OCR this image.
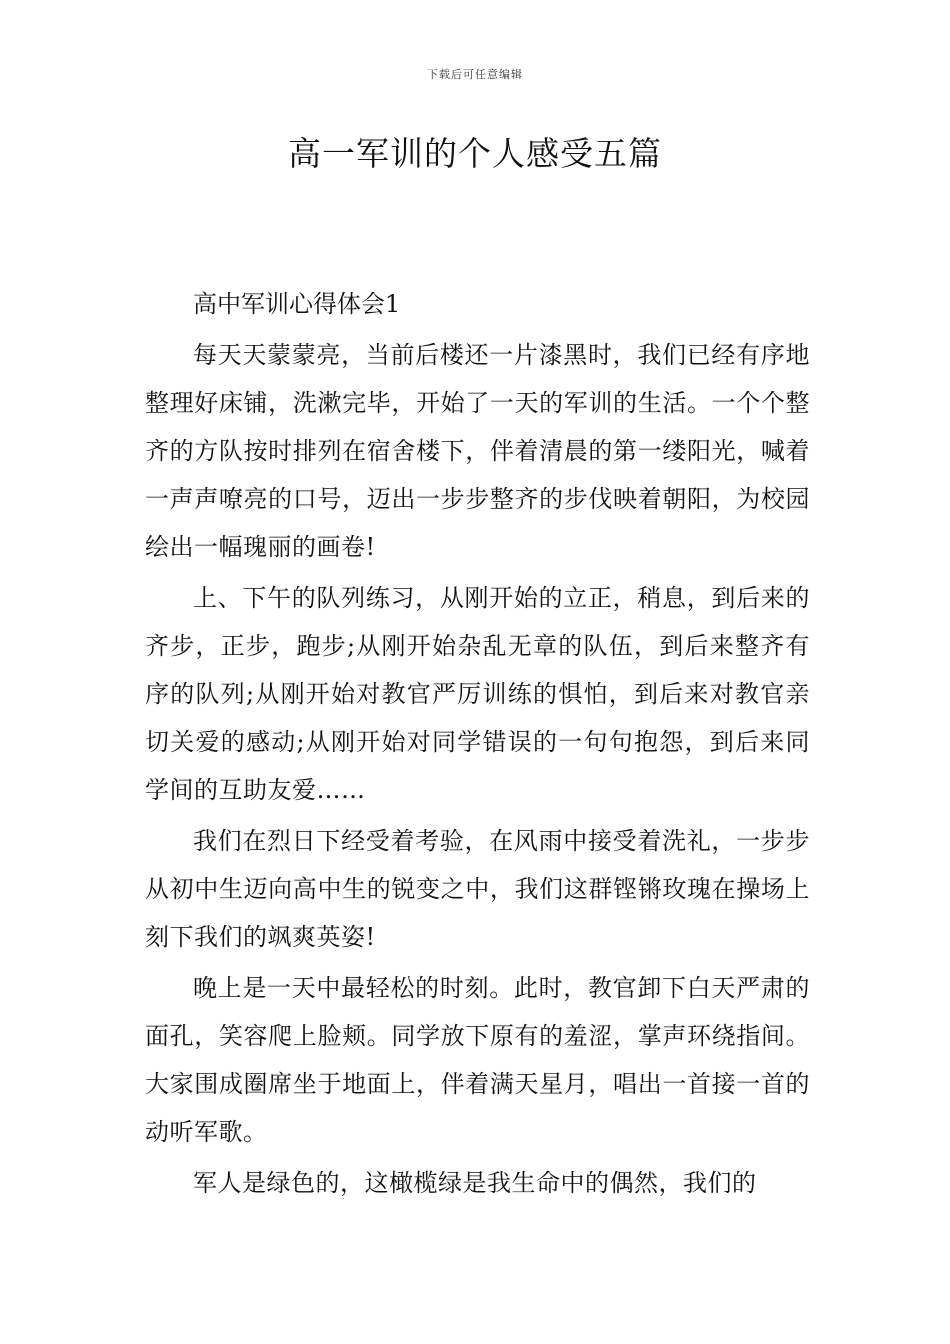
下载后可任意编辑
高一军训的个人感受五篇

高中军训心得体会1

每天天蒙蒙亮，当前后楼还一片漆黑时，我们已经有序地整理好床铺，洗漱完毕，开始了一天的军训的生活。一个个整齐的方队按时排列在宿舍楼下，伴着清晨的第一缕阳光，喊着一声声嘹亮的口号，迈出一步步整齐的步伐映着朝阳，为校园绘出一幅瑰丽的画卷!

上、下午的队列练习，从刚开始的立正，稍息，到后来的齐步，正步，跑步;从刚开始杂乱无章的队伍，到后来整齐有序的队列;从刚开始对教官严厉训练的惧怕，到后来对教官亲切关爱的感动;从刚开始对同学错误的一句句抱怨，到后来同学间的互助友爱……

我们在烈日下经受着考验，在风雨中接受着洗礼，一步步从初中生迈向高中生的锐变之中，我们这群铿锵玫瑰在操场上刻下我们的飒爽英姿!

晚上是一天中最轻松的时刻。此时，教官卸下白天严肃的面孔，笑容爬上脸颊。同学放下原有的羞涩，掌声环绕指间。大家围成圈席坐于地面上，伴着满天星月，唱出一首接一首的动听军歌。

军人是绿色的，这橄榄绿是我生命中的偶然，我们的
